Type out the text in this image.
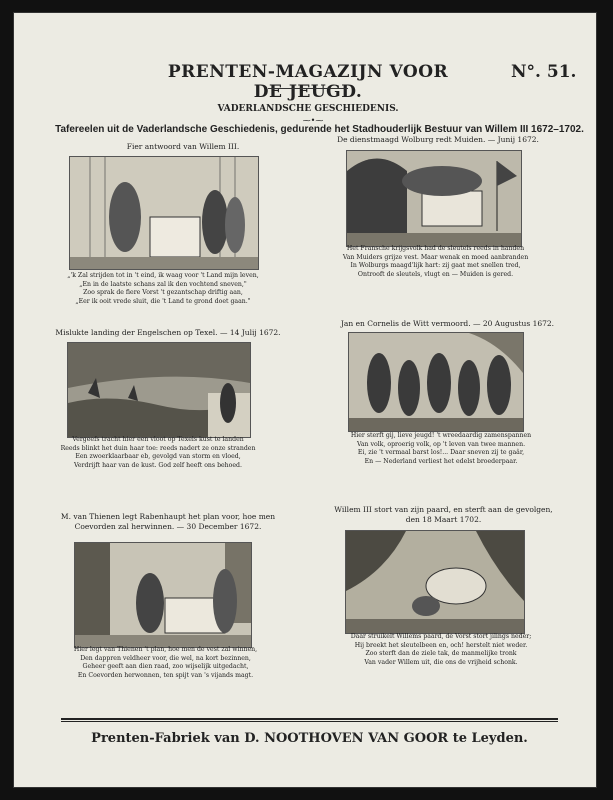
PRENTEN-MAGAZIJN VOOR DE JEUGD.
N°. 51.
VADERLANDSCHE GESCHIEDENIS.
⁓•⁓
Tafereelen uit de Vaderlandsche Geschiedenis, gedurende het Stadhouderlijk Bestuur van Willem III 1672–1702.
Fier antwoord van Willem III.
„'k Zal strijden tot in 't eind, ik waag voor 't Land mijn leven,
„En in de laatste schans zal ik den vochtend sneven,"
Zoo sprak de fiere Vorst 't gezantschap driftig aan,
„Eer ik ooit vrede sluit, die 't Land te grond doet gaan."
De dienstmaagd Wolburg redt Muiden. — Junij 1672.
Het Fransche krijgsvolk had de sleutels reeds in handen
Van Muiders grijze vest. Maar wenak en moed aanbranden
In Wolburgs maagd'lijk hart: zij gaat met snellen tred,
Ontrooft de sleutels, vlugt en — Muiden is gered.
Mislukte landing der Engelschen op Texel. — 14 Julij 1672.
Vergeefs tracht hier een vloot op Texels kust te landen
Reeds blinkt het duin haar toe: reeds nadert ze onze stranden
Een zwoerklaarbaar eb, gevolgd van storm en vloed,
Verdrijft haar van de kust. God zelf heeft ons behoed.
Jan en Cornelis de Witt vermoord. — 20 Augustus 1672.
Hier sterft gij, lieve jeugd! 't wreedaardig zamenspannen
Van volk, oproerig volk, op 't leven van twee mannen.
Ei, zie 't vermaal barst los!... Daar sneven zij te gaâr,
En — Nederland verliest het edelst broederpaar.
M. van Thienen legt Rabenhaupt het plan voor, hoe men Coevorden zal herwinnen. — 30 December 1672.
Hier legt van Thienen 't plan, hoe men de vest zal winnen,
Den dappren veldheer voor, die wel, na kort bezinnen,
Geheer geeft aan dien raad, zoo wijselijk uitgedacht,
En Coevorden herwonnen, ten spijt van 's vijands magt.
Willem III stort van zijn paard, en sterft aan de gevolgen, den 18 Maart 1702.
Daar struikelt Willems paard, de Vorst stort jilings neder;
Hij breekt het sleutelbeen en, och! herstelt niet weder.
Zoo sterft dan de ziele tak, de manmelijke tronk
Van vader Willem uit, die ons de vrijheid schonk.
Prenten-Fabriek van D. NOOTHOVEN VAN GOOR te Leyden.
